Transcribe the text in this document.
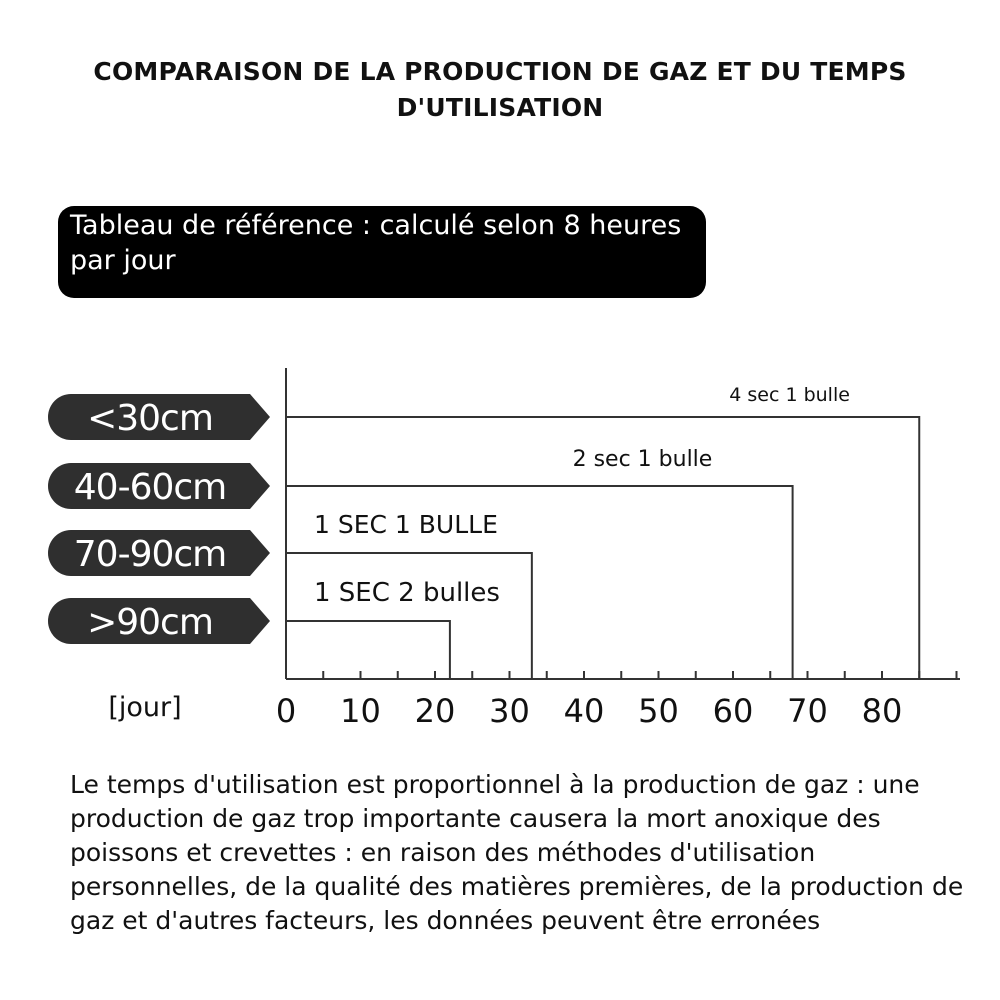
COMPARAISON DE LA PRODUCTION DE GAZ ET DU TEMPS D'UTILISATION
Tableau de référence : calculé selon 8 heures par jour
0 10 20 30 40 50 60 70 80
[jour]
<30cm
4 sec 1 bulle
40-60cm
2 sec 1 bulle
70-90cm
1 SEC 1 BULLE
>90cm
1 SEC 2 bulles

Le temps d'utilisation est proportionnel à la production de gaz : une production de gaz trop importante causera la mort anoxique des poissons et crevettes : en raison des méthodes d'utilisation personnelles, de la qualité des matières premières, de la production de gaz et d'autres facteurs, les données peuvent être erronées
